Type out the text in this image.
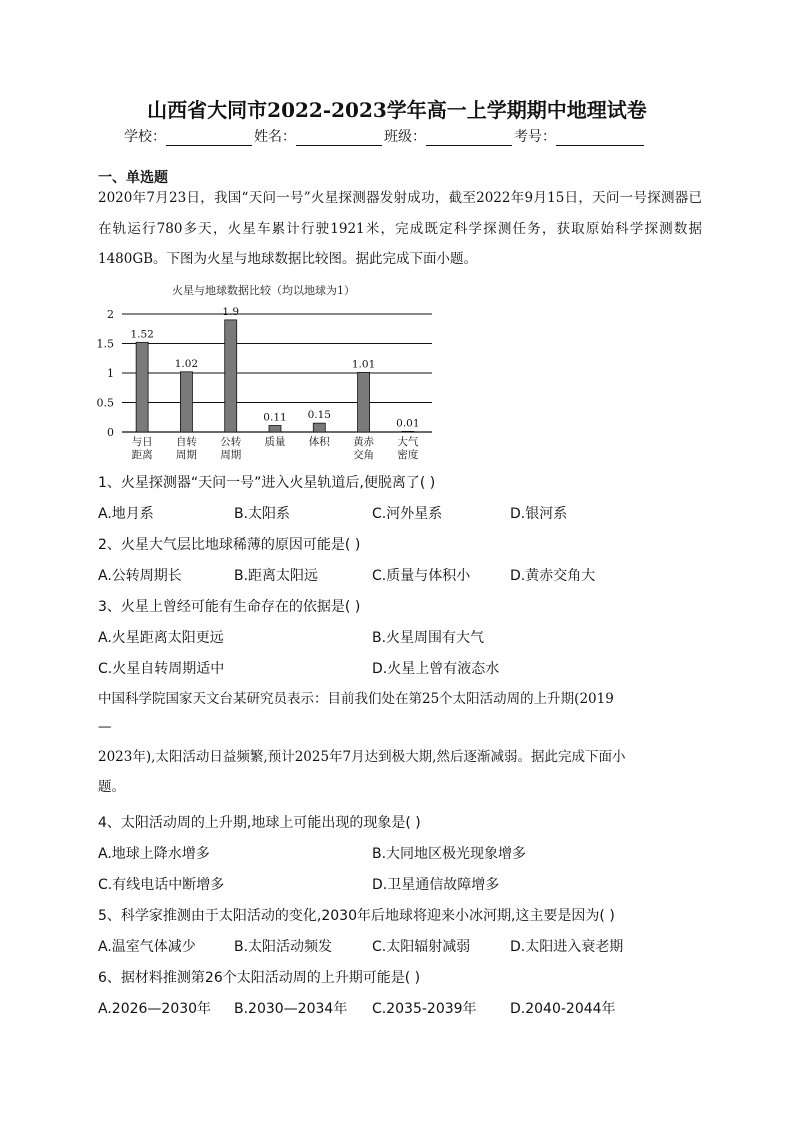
山西省大同市2022-2023学年高一上学期期中地理试卷
学校：	姓名：	班级：	考号：
一、单选题
2020年7月23日，我国“天问一号”火星探测器发射成功，截至2022年9月15日，天问一号探测器已在轨运行780多天，火星车累计行驶1921米，完成既定科学探测任务，获取原始科学探测数据1480GB。下图为火星与地球数据比较图。据此完成下面小题。
火星与地球数据比较（均以地球为1）
0
0.5
1
1.5
2
1.52
与日
距离
1.02
自转
周期
1.9
公转
周期
0.11
质量
0.15
体积
1.01
黄赤
交角
0.01
大气
密度
1、火星探测器“天问一号”进入火星轨道后,便脱离了( )
A.地月系	B.太阳系	C.河外星系	D.银河系
2、火星大气层比地球稀薄的原因可能是( )
A.公转周期长	B.距离太阳远	C.质量与体积小	D.黄赤交角大
3、火星上曾经可能有生命存在的依据是( )
A.火星距离太阳更远	B.火星周围有大气
C.火星自转周期适中	D.火星上曾有液态水
中国科学院国家天文台某研究员表示：目前我们处在第25个太阳活动周的上升期(2019
—
2023年),太阳活动日益频繁,预计2025年7月达到极大期,然后逐渐减弱。据此完成下面小
题。
4、太阳活动周的上升期,地球上可能出现的现象是( )
A.地球上降水增多	B.大同地区极光现象增多
C.有线电话中断增多	D.卫星通信故障增多
5、科学家推测由于太阳活动的变化,2030年后地球将迎来小冰河期,这主要是因为( )
A.温室气体减少	B.太阳活动频发	C.太阳辐射减弱	D.太阳进入衰老期
6、据材料推测第26个太阳活动周的上升期可能是( )
A.2026—2030年 B.2030—2034年 C.2035-2039年 D.2040-2044年
